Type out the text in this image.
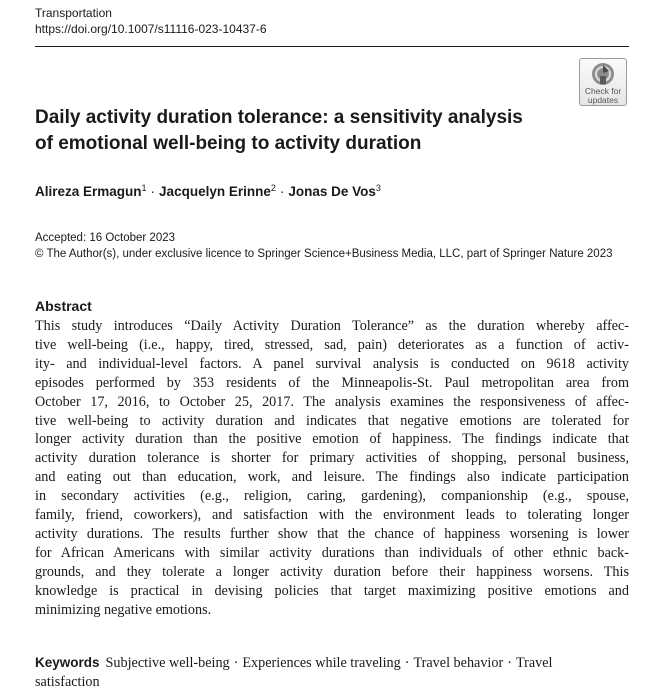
Transportation
https://doi.org/10.1007/s11116-023-10437-6
Check for
updates
Daily activity duration tolerance: a sensitivity analysis
of emotional well-being to activity duration
Alireza Ermagun$^1$ · Jacquelyn Erinne$^2$ · Jonas De Vos$^3$
Accepted: 16 October 2023
© The Author(s), under exclusive licence to Springer Science+Business Media, LLC, part of Springer Nature 2023
Abstract

This study introduces “Daily Activity Duration Tolerance” as the duration whereby affec-
tive well-being (i.e., happy, tired, stressed, sad, pain) deteriorates as a function of activ-
ity- and individual-level factors. A panel survival analysis is conducted on 9618 activity
episodes performed by 353 residents of the Minneapolis-St. Paul metropolitan area from
October 17, 2016, to October 25, 2017. The analysis examines the responsiveness of affec-
tive well-being to activity duration and indicates that negative emotions are tolerated for
longer activity duration than the positive emotion of happiness. The findings indicate that
activity duration tolerance is shorter for primary activities of shopping, personal business,
and eating out than education, work, and leisure. The findings also indicate participation
in secondary activities (e.g., religion, caring, gardening), companionship (e.g., spouse,
family, friend, coworkers), and satisfaction with the environment leads to tolerating longer
activity durations. The results further show that the chance of happiness worsening is lower
for African Americans with similar activity durations than individuals of other ethnic back-
grounds, and they tolerate a longer activity duration before their happiness worsens. This
knowledge is practical in devising policies that target maximizing positive emotions and
minimizing negative emotions.

Keywords Subjective well-being · Experiences while traveling · Travel behavior · Travel
satisfaction
